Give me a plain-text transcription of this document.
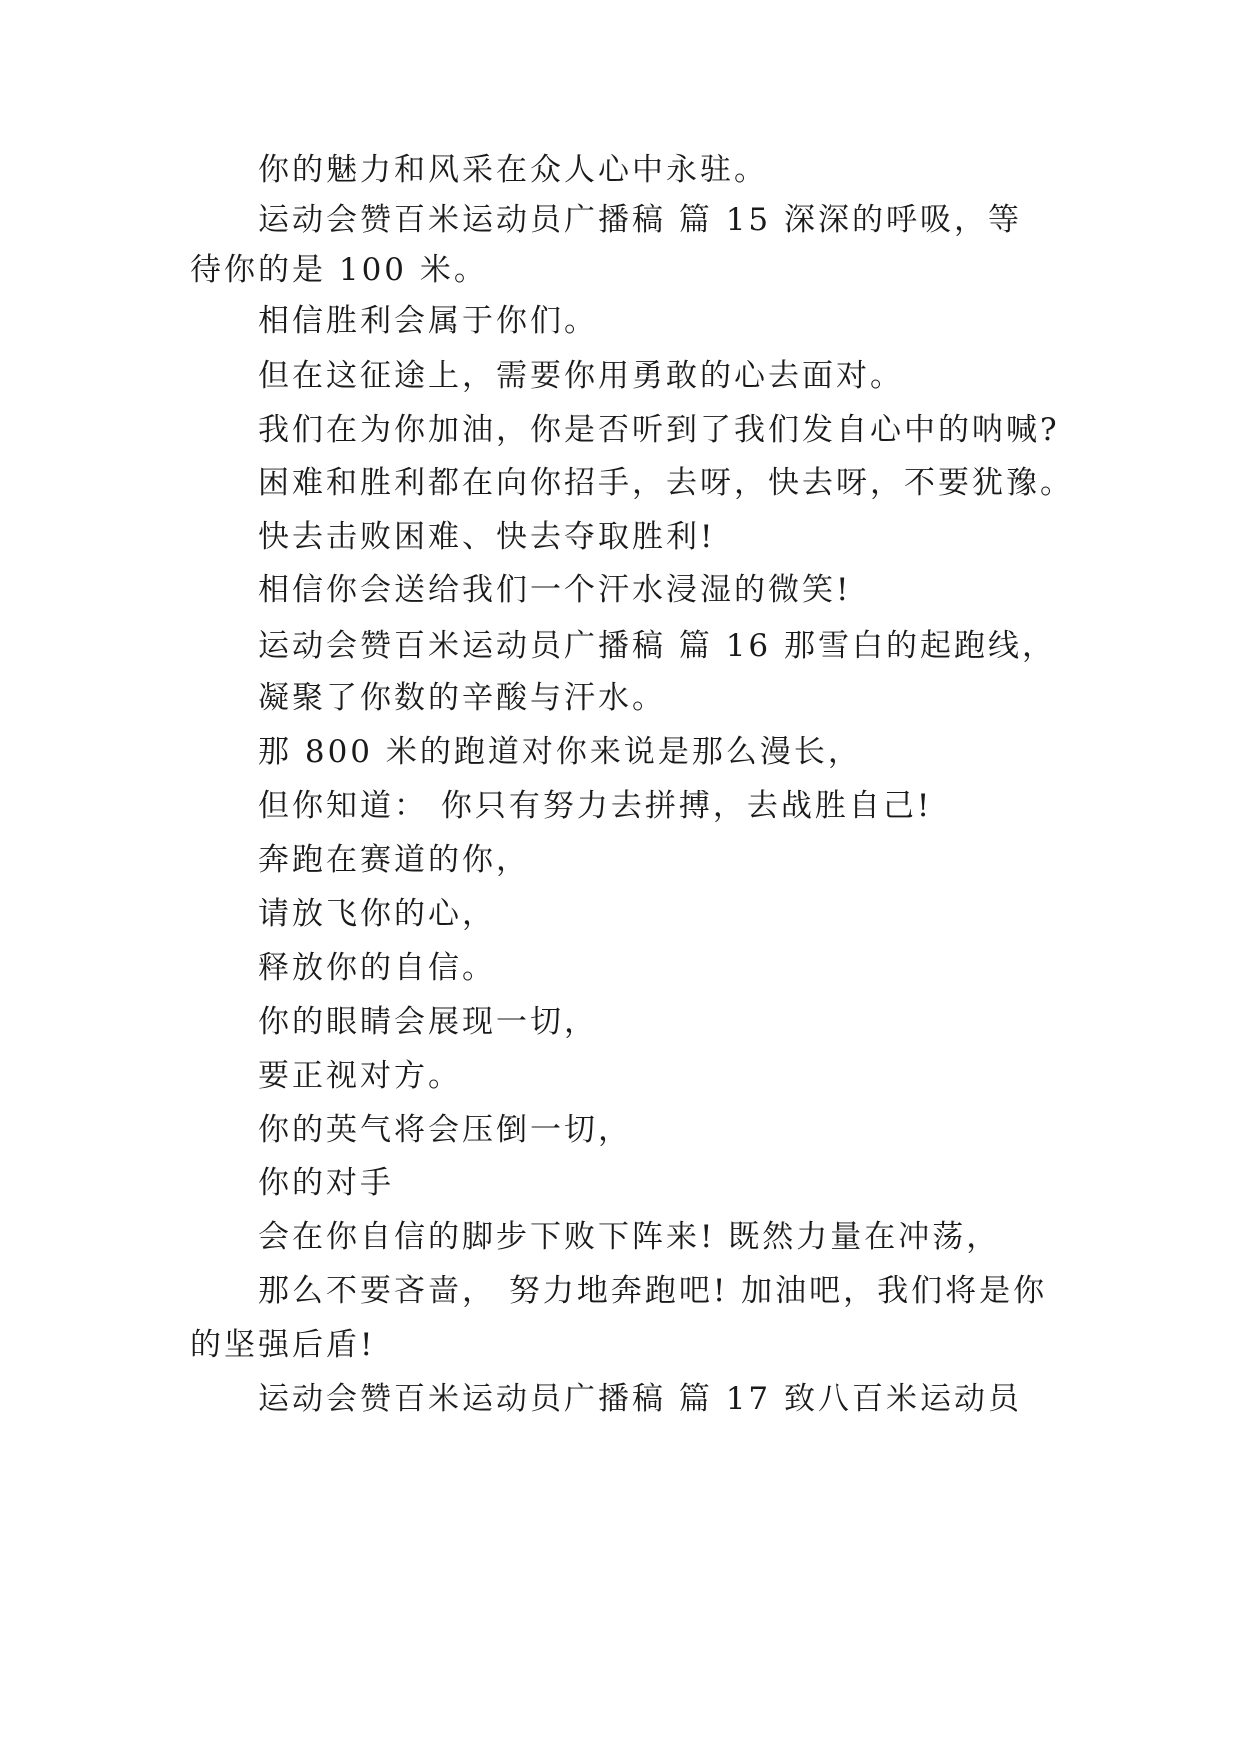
你的魅力和风采在众人心中永驻。
运动会赞百米运动员广播稿 篇 15 深深的呼吸，等
待你的是 100 米。
相信胜利会属于你们。
但在这征途上，需要你用勇敢的心去面对。
我们在为你加油，你是否听到了我们发自心中的呐喊?
困难和胜利都在向你招手，去呀，快去呀，不要犹豫。
快去击败困难、快去夺取胜利!
相信你会送给我们一个汗水浸湿的微笑!
运动会赞百米运动员广播稿 篇 16 那雪白的起跑线，
凝聚了你数的辛酸与汗水。
那 800 米的跑道对你来说是那么漫长，
但你知道： 你只有努力去拼搏，去战胜自己!
奔跑在赛道的你，
请放飞你的心，
释放你的自信。
你的眼睛会展现一切，
要正视对方。
你的英气将会压倒一切，
你的对手
会在你自信的脚步下败下阵来! 既然力量在冲荡，
那么不要吝啬， 努力地奔跑吧! 加油吧，我们将是你
的坚强后盾!
运动会赞百米运动员广播稿 篇 17 致八百米运动员
